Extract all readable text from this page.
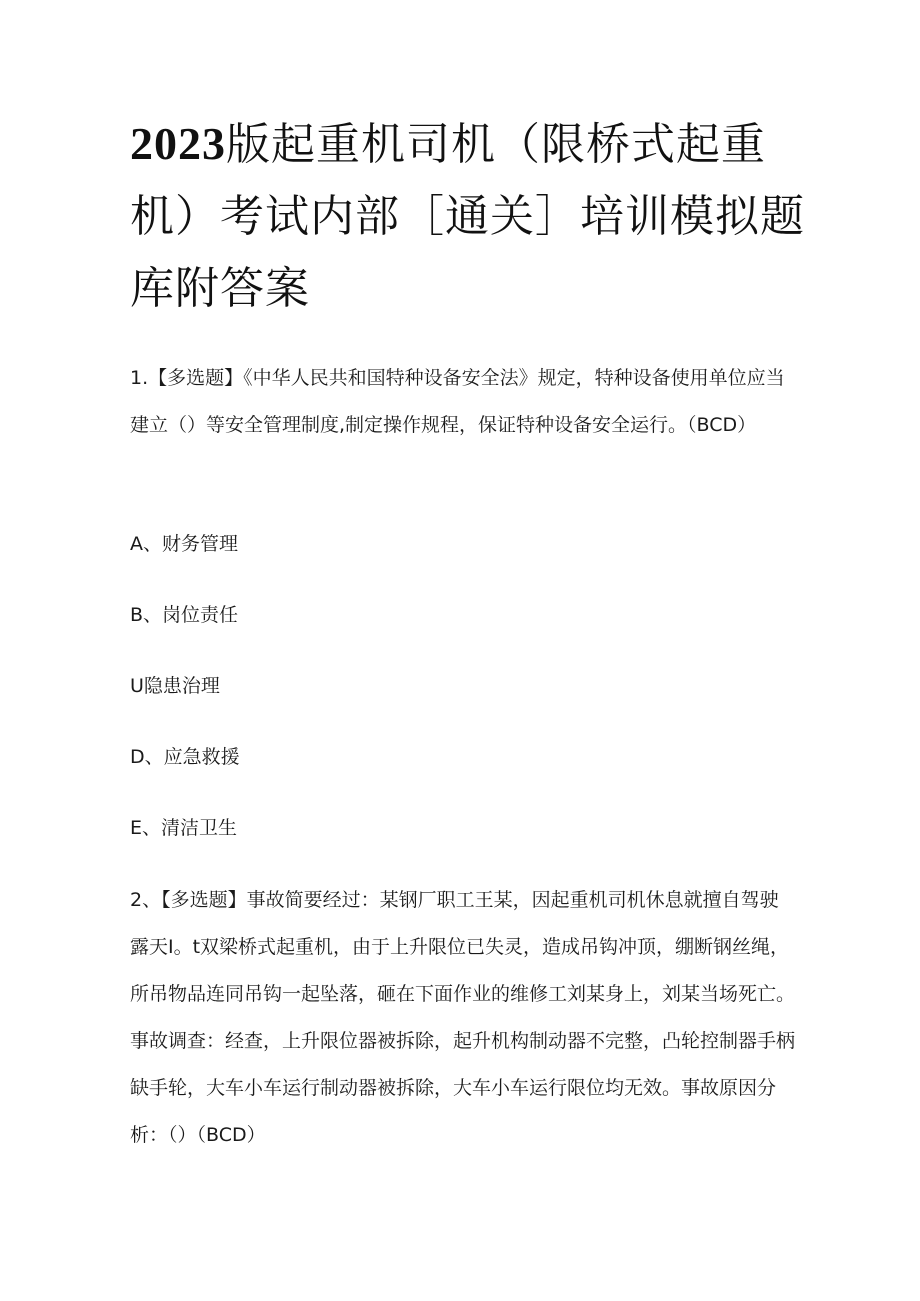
2023版起重机司机（限桥式起重机）考试内部［通关］培训模拟题库附答案

1.【多选题】《中华人民共和国特种设备安全法》规定，特种设备使用单位应当建立（）等安全管理制度,制定操作规程，保证特种设备安全运行。（BCD）

A、财务管理
B、岗位责任
U隐患治理
D、应急救援
E、清洁卫生

2、【多选题】事故简要经过：某钢厂职工王某，因起重机司机休息就擅自驾驶露天I。t双梁桥式起重机，由于上升限位已失灵，造成吊钩冲顶，绷断钢丝绳，所吊物品连同吊钩一起坠落，砸在下面作业的维修工刘某身上，刘某当场死亡。事故调查：经查，上升限位器被拆除，起升机构制动器不完整，凸轮控制器手柄缺手轮，大车小车运行制动器被拆除，大车小车运行限位均无效。事故原因分析：（）（BCD）
